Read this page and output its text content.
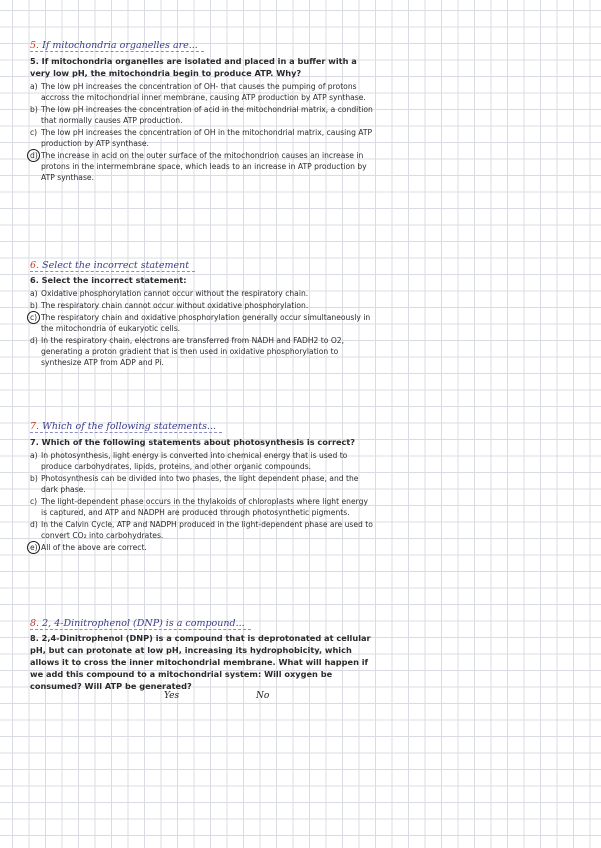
5. If mitochondria organelles are...

5. If mitochondria organelles are isolated and placed in a buffer with a very low pH, the mitochondria begin to produce ATP. Why?

a) The low pH increases the concentration of OH- that causes the pumping of protons accross the mitochondrial inner membrane, causing ATP production by ATP synthase.

b) The low pH increases the concentration of acid in the mitochondrial matrix, a condition that normally causes ATP production.

c) The low pH increases the concentration of OH in the mitochondrial matrix, causing ATP production by ATP synthase.

d) The increase in acid on the outer surface of the mitochondrion causes an increase in protons in the intermembrane space, which leads to an increase in ATP production by ATP synthase.

6. Select the incorrect statement

6. Select the incorrect statement:

a) Oxidative phosphorylation cannot occur without the respiratory chain.

b) The respiratory chain cannot occur without oxidative phosphorylation.

c) The respiratory chain and oxidative phosphorylation generally occur simultaneously in the mitochondria of eukaryotic cells.

d) In the respiratory chain, electrons are transferred from NADH and FADH2 to O2, generating a proton gradient that is then used in oxidative phosphorylation to synthesize ATP from ADP and Pi.

7. Which of the following statements...

7. Which of the following statements about photosynthesis is correct?

a) In photosynthesis, light energy is converted into chemical energy that is used to produce carbohydrates, lipids, proteins, and other organic compounds.

b) Photosynthesis can be divided into two phases, the light dependent phase, and the dark phase.

c) The light-dependent phase occurs in the thylakoids of chloroplasts where light energy is captured, and ATP and NADPH are produced through photosynthetic pigments.

d) In the Calvin Cycle, ATP and NADPH produced in the light-dependent phase are used to convert CO₂ into carbohydrates.

e) All of the above are correct.

8. 2, 4-Dinitrophenol (DNP) is a compound...

8. 2,4-Dinitrophenol (DNP) is a compound that is deprotonated at cellular pH, but can protonate at low pH, increasing its hydrophobicity, which allows it to cross the inner mitochondrial membrane. What will happen if we add this compound to a mitochondrial system: Will oxygen be consumed? Will ATP be generated?

Yes	No
